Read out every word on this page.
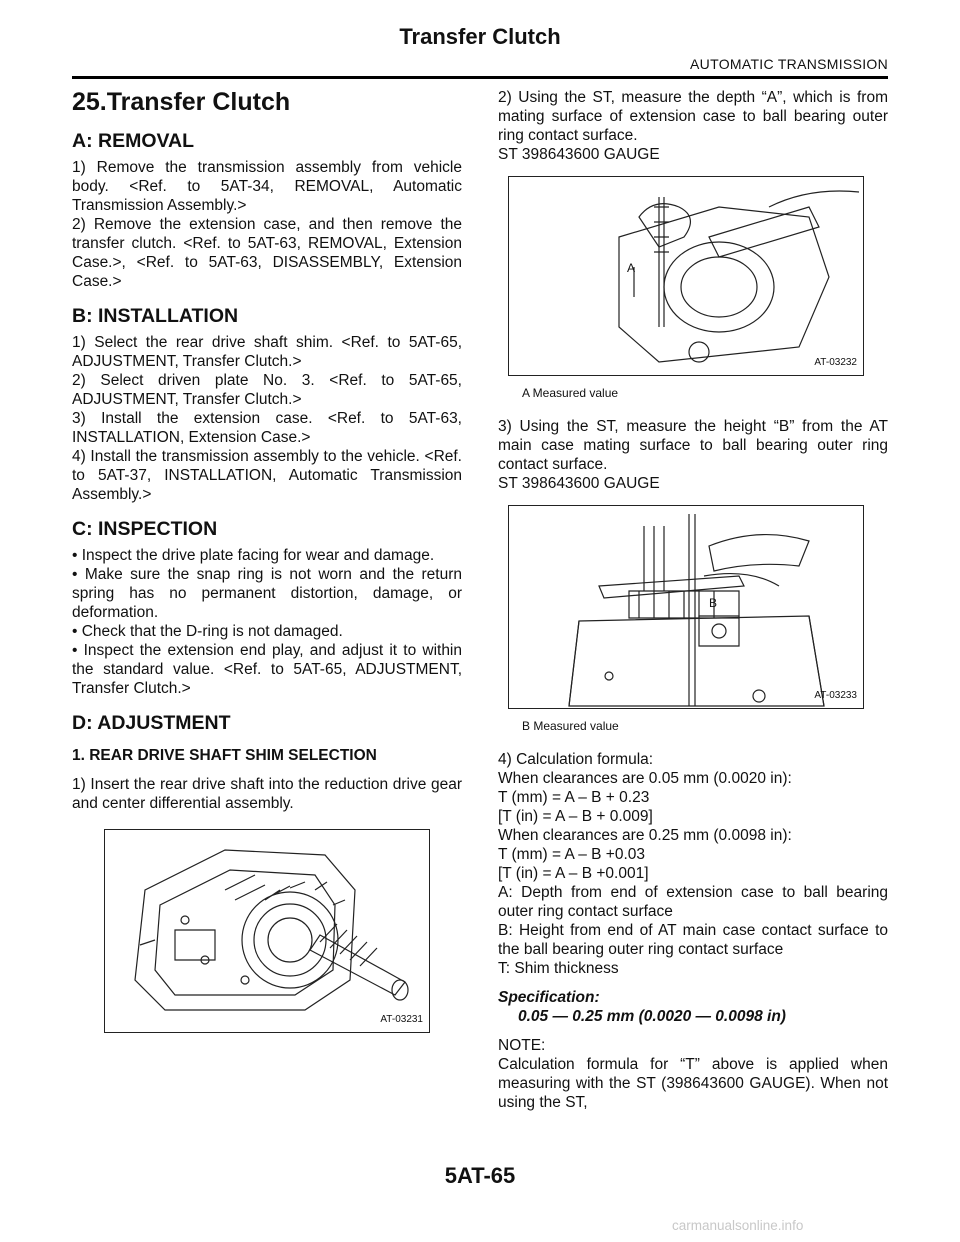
Transfer Clutch
AUTOMATIC TRANSMISSION
25.Transfer Clutch
A: REMOVAL

1) Remove the transmission assembly from vehicle body. <Ref. to 5AT-34, REMOVAL, Automatic Transmission Assembly.>

2) Remove the extension case, and then remove the transfer clutch. <Ref. to 5AT-63, REMOVAL, Extension Case.>, <Ref. to 5AT-63, DISASSEMBLY, Extension Case.>

B: INSTALLATION

1) Select the rear drive shaft shim. <Ref. to 5AT-65, ADJUSTMENT, Transfer Clutch.>

2) Select driven plate No. 3. <Ref. to 5AT-65, ADJUSTMENT, Transfer Clutch.>

3) Install the extension case. <Ref. to 5AT-63, INSTALLATION, Extension Case.>

4) Install the transmission assembly to the vehicle. <Ref. to 5AT-37, INSTALLATION, Automatic Transmission Assembly.>

C: INSPECTION

• Inspect the drive plate facing for wear and damage.

• Make sure the snap ring is not worn and the return spring has no permanent distortion, damage, or deformation.

• Check that the D-ring is not damaged.

• Inspect the extension end play, and adjust it to within the standard value. <Ref. to 5AT-65, ADJUSTMENT, Transfer Clutch.>

D: ADJUSTMENT
1. REAR DRIVE SHAFT SHIM SELECTION

1) Insert the rear drive shaft into the reduction drive gear and center differential assembly.

AT-03231

2) Using the ST, measure the depth “A”, which is from mating surface of extension case to ball bearing outer ring contact surface.

ST 398643600 GAUGE

A
AT-03232
A Measured value

3) Using the ST, measure the height “B” from the AT main case mating surface to ball bearing outer ring contact surface.

ST 398643600 GAUGE

B
AT-03233
B Measured value

4) Calculation formula:

When clearances are 0.05 mm (0.0020 in):

T (mm) = A – B + 0.23

[T (in) = A – B + 0.009]

When clearances are 0.25 mm (0.0098 in):

T (mm) = A – B +0.03

[T (in) = A – B +0.001]

A: Depth from end of extension case to ball bearing outer ring contact surface

B: Height from end of AT main case contact surface to the ball bearing outer ring contact surface

T: Shim thickness

Specification:
0.05 — 0.25 mm (0.0020 — 0.0098 in)

NOTE:

Calculation formula for “T” above is applied when measuring with the ST (398643600 GAUGE). When not using the ST,

5AT-65
carmanualsonline.info
